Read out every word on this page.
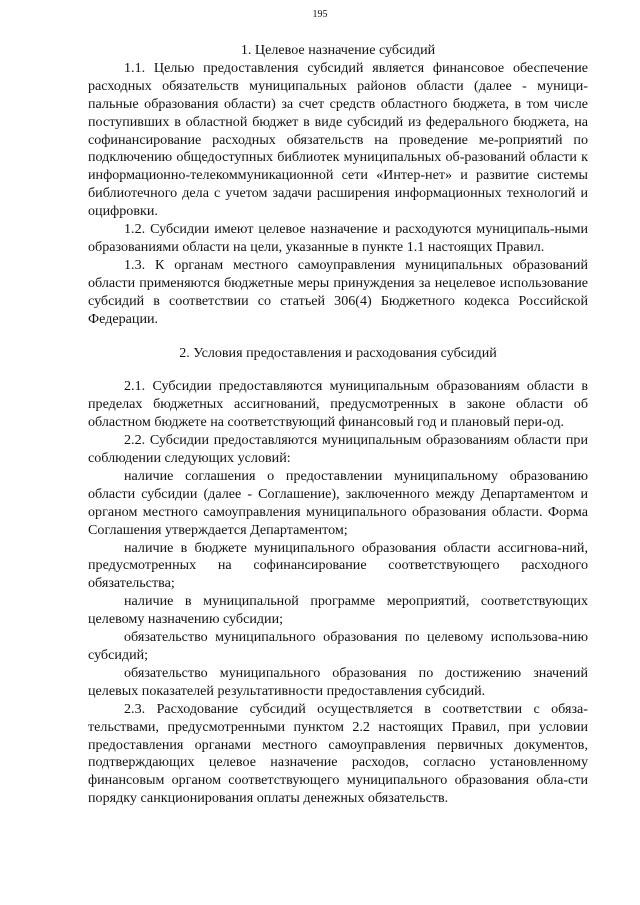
195

1. Целевое назначение субсидий

1.1. Целью предоставления субсидий является финансовое обеспечение расходных обязательств муниципальных районов области (далее - муници-пальные образования области) за счет средств областного бюджета, в том числе поступивших в областной бюджет в виде субсидий из федерального бюджета, на софинансирование расходных обязательств на проведение ме-роприятий по подключению общедоступных библиотек муниципальных об-разований области к информационно-телекоммуникационной сети «Интер-нет» и развитие системы библиотечного дела с учетом задачи расширения информационных технологий и оцифровки.

1.2. Субсидии имеют целевое назначение и расходуются муниципаль-ными образованиями области на цели, указанные в пункте 1.1 настоящих Правил.

1.3. К органам местного самоуправления муниципальных образований области применяются бюджетные меры принуждения за нецелевое использование субсидий в соответствии со статьей 306(4) Бюджетного кодекса Российской Федерации.

2. Условия предоставления и расходования субсидий

2.1. Субсидии предоставляются муниципальным образованиям области в пределах бюджетных ассигнований, предусмотренных в законе области об областном бюджете на соответствующий финансовый год и плановый пери-од.

2.2. Субсидии предоставляются муниципальным образованиям области при соблюдении следующих условий:

наличие соглашения о предоставлении муниципальному образованию области субсидии (далее - Соглашение), заключенного между Департаментом и органом местного самоуправления муниципального образования области. Форма Соглашения утверждается Департаментом;

наличие в бюджете муниципального образования области ассигнова-ний, предусмотренных на софинансирование соответствующего расходного обязательства;

наличие в муниципальной программе мероприятий, соответствующих целевому назначению субсидии;

обязательство муниципального образования по целевому использова-нию субсидий;

обязательство муниципального образования по достижению значений целевых показателей результативности предоставления субсидий.

2.3. Расходование субсидий осуществляется в соответствии с обяза-тельствами, предусмотренными пунктом 2.2 настоящих Правил, при условии предоставления органами местного самоуправления первичных документов, подтверждающих целевое назначение расходов, согласно установленному финансовым органом соответствующего муниципального образования обла-сти порядку санкционирования оплаты денежных обязательств.
